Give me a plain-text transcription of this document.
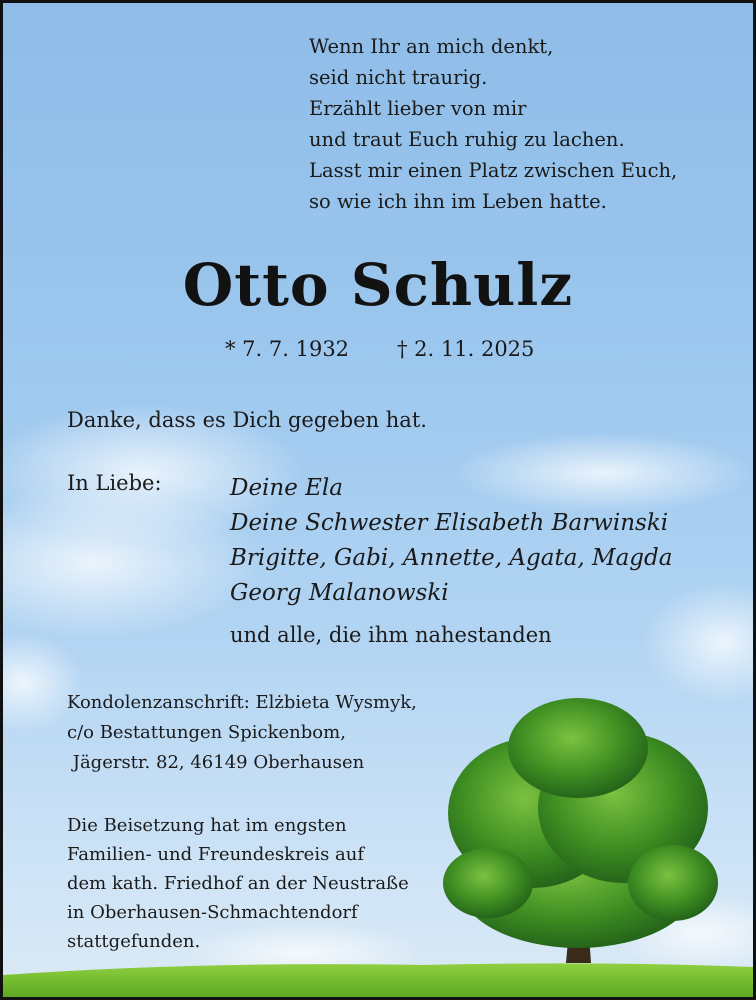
Wenn Ihr an mich denkt,
seid nicht traurig.
Erzählt lieber von mir
und traut Euch ruhig zu lachen.
Lasst mir einen Platz zwischen Euch,
so wie ich ihn im Leben hatte.
Otto Schulz
* 7. 7. 1932 † 2. 11. 2025
Danke, dass es Dich gegeben hat.
In Liebe:	Deine Ela
Deine Schwester Elisabeth Barwinski
Brigitte, Gabi, Annette, Agata, Magda
Georg Malanowski
und alle, die ihm nahestanden
Kondolenzanschrift: Elżbieta Wysmyk,
c/o Bestattungen Spickenbom,
Jägerstr. 82, 46149 Oberhausen
Die Beisetzung hat im engsten
Familien- und Freundeskreis auf
dem kath. Friedhof an der Neustraße
in Oberhausen-Schmachtendorf
stattgefunden.
